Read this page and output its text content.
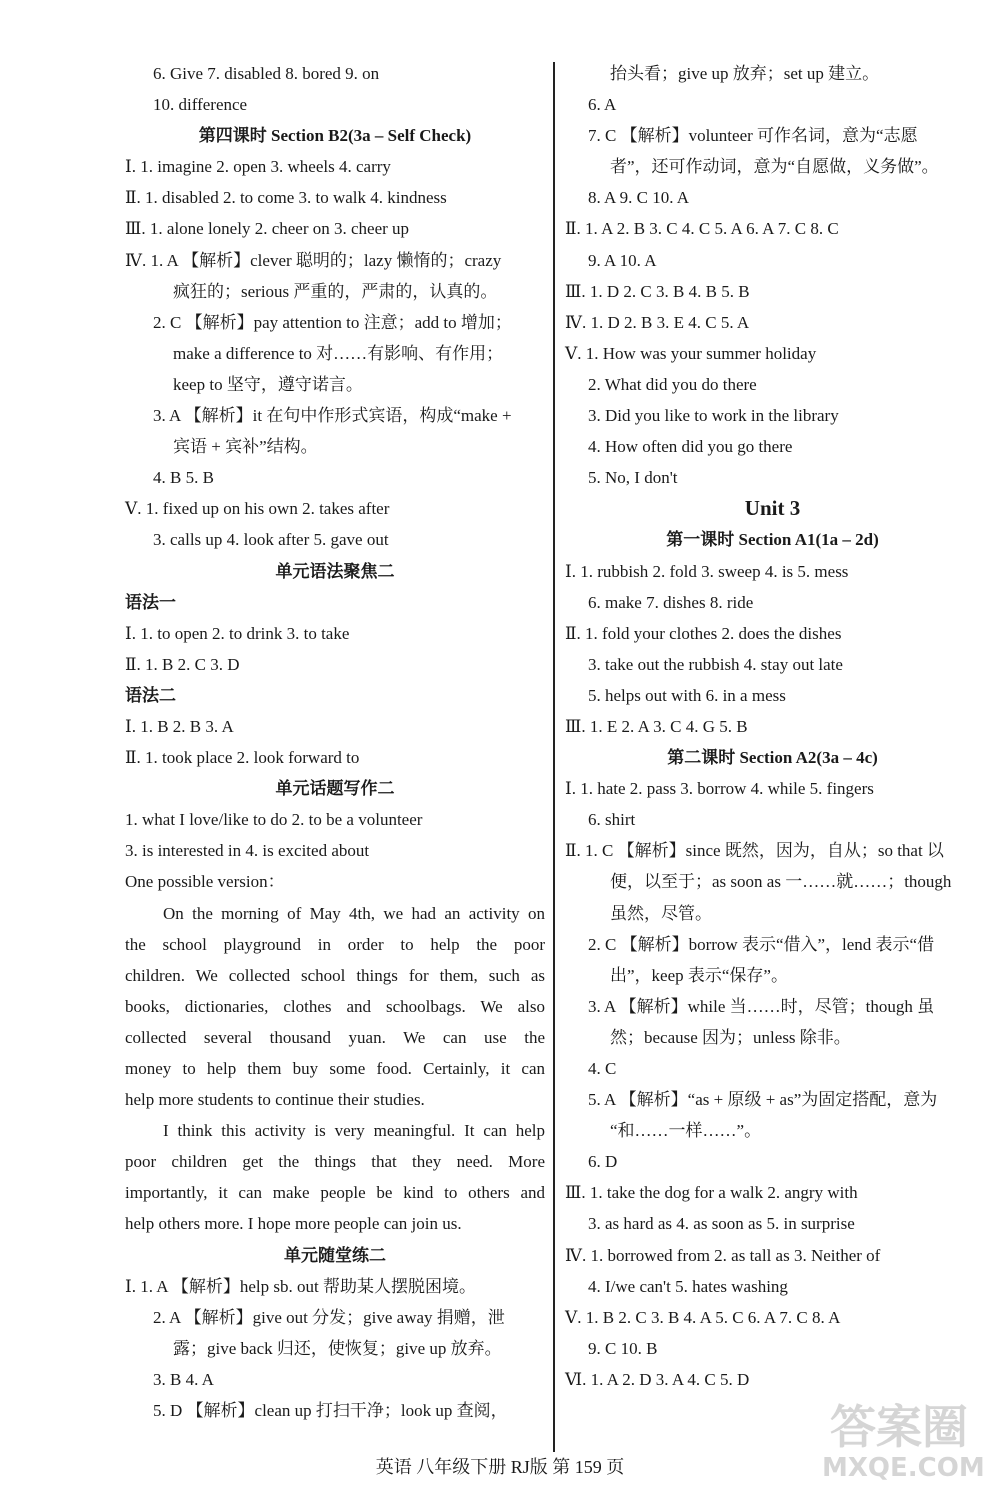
6. Give 7. disabled 8. bored 9. on
10. difference
第四课时 Section B2(3a – Self Check)
Ⅰ. 1. imagine 2. open 3. wheels 4. carry
Ⅱ. 1. disabled 2. to come 3. to walk 4. kindness
Ⅲ. 1. alone lonely 2. cheer on 3. cheer up
Ⅳ. 1. A 【解析】clever 聪明的；lazy 懒惰的；crazy
疯狂的；serious 严重的，严肃的，认真的。
2. C 【解析】pay attention to 注意；add to 增加；
make a difference to 对……有影响、有作用；
keep to 坚守，遵守诺言。
3. A 【解析】it 在句中作形式宾语，构成“make +
宾语 + 宾补”结构。
4. B 5. B
Ⅴ. 1. fixed up on his own 2. takes after
3. calls up 4. look after 5. gave out
单元语法聚焦二
语法一
Ⅰ. 1. to open 2. to drink 3. to take
Ⅱ. 1. B 2. C 3. D
语法二
Ⅰ. 1. B 2. B 3. A
Ⅱ. 1. took place 2. look forward to
单元话题写作二
1. what I love/like to do 2. to be a volunteer
3. is interested in 4. is excited about
One possible version：
On the morning of May 4th, we had an activity on
the school playground in order to help the poor
children. We collected school things for them, such as
books, dictionaries, clothes and schoolbags. We also
collected several thousand yuan. We can use the
money to help them buy some food. Certainly, it can
help more students to continue their studies.
I think this activity is very meaningful. It can help
poor children get the things that they need. More
importantly, it can make people be kind to others and
help others more. I hope more people can join us.
单元随堂练二
Ⅰ. 1. A 【解析】help sb. out 帮助某人摆脱困境。
2. A 【解析】give out 分发；give away 捐赠，泄
露；give back 归还，使恢复；give up 放弃。
3. B 4. A
5. D 【解析】clean up 打扫干净；look up 查阅，
抬头看；give up 放弃；set up 建立。
6. A
7. C 【解析】volunteer 可作名词，意为“志愿
者”，还可作动词，意为“自愿做，义务做”。
8. A 9. C 10. A
Ⅱ. 1. A 2. B 3. C 4. C 5. A 6. A 7. C 8. C
9. A 10. A
Ⅲ. 1. D 2. C 3. B 4. B 5. B
Ⅳ. 1. D 2. B 3. E 4. C 5. A
Ⅴ. 1. How was your summer holiday
2. What did you do there
3. Did you like to work in the library
4. How often did you go there
5. No, I don't
Unit 3
第一课时 Section A1(1a – 2d)
Ⅰ. 1. rubbish 2. fold 3. sweep 4. is 5. mess
6. make 7. dishes 8. ride
Ⅱ. 1. fold your clothes 2. does the dishes
3. take out the rubbish 4. stay out late
5. helps out with 6. in a mess
Ⅲ. 1. E 2. A 3. C 4. G 5. B
第二课时 Section A2(3a – 4c)
Ⅰ. 1. hate 2. pass 3. borrow 4. while 5. fingers
6. shirt
Ⅱ. 1. C 【解析】since 既然，因为，自从；so that 以
便，以至于；as soon as 一……就……；though
虽然，尽管。
2. C 【解析】borrow 表示“借入”，lend 表示“借
出”，keep 表示“保存”。
3. A 【解析】while 当……时，尽管；though 虽
然；because 因为；unless 除非。
4. C
5. A 【解析】“as + 原级 + as”为固定搭配，意为
“和……一样……”。
6. D
Ⅲ. 1. take the dog for a walk 2. angry with
3. as hard as 4. as soon as 5. in surprise
Ⅳ. 1. borrowed from 2. as tall as 3. Neither of
4. I/we can't 5. hates washing
Ⅴ. 1. B 2. C 3. B 4. A 5. C 6. A 7. C 8. A
9. C 10. B
Ⅵ. 1. A 2. D 3. A 4. C 5. D
英语 八年级下册 RJ版 第 159 页
答案圈
MXQE.COM
